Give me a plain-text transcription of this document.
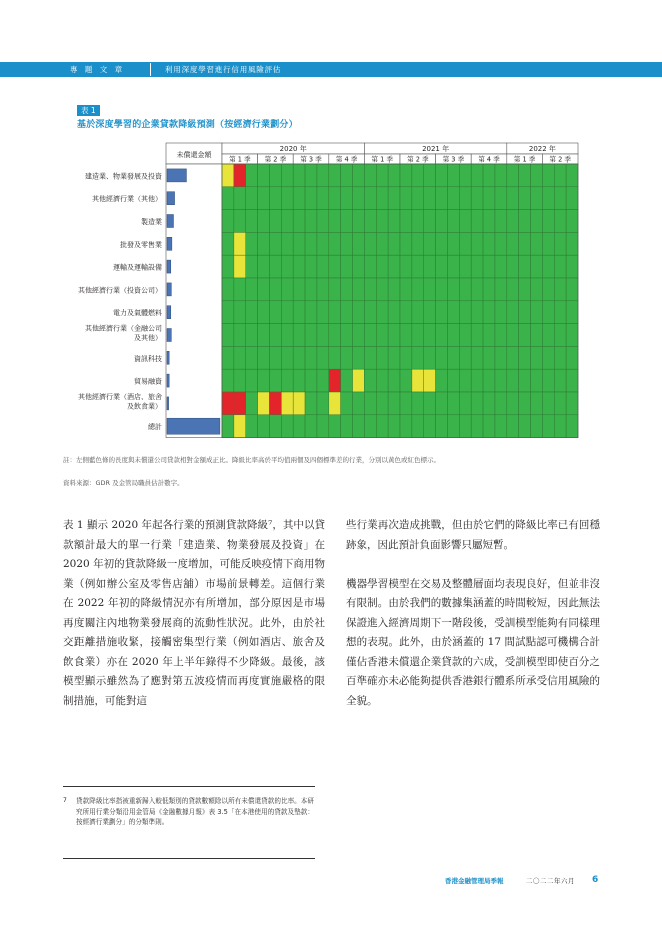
專 題 文 章	利用深度學習進行信用風險評估
表 1
基於深度學習的企業貸款降級預測（按經濟行業劃分）
未償還金額
2020 年
第 1 季 第 2 季 第 3 季 第 4 季
2021 年
第 1 季 第 2 季 第 3 季 第 4 季
2022 年
第 1 季 第 2 季
建造業、物業發展及投資
其他經濟行業（其他）
製造業
批發及零售業
運輸及運輸設備
其他經濟行業（投資公司）
電力及氣體燃料
其他經濟行業（金融公司
及其他）
資訊科技
貿易融資
其他經濟行業（酒店、旅舍
及飲食業）
總計
註：左側藍色條的長度與未償還公司貸款相對金額成正比。降級比率高於平均值兩個及四個標準差的行業，分別以黃色或紅色標示。
資料來源：GDR 及金管局職員估計數字。

表 1 顯示 2020 年起各行業的預測貸款降級⁷，其中以貸款額計最大的單一行業「建造業、物業發展及投資」在 2020 年初的貸款降級一度增加，可能反映疫情下商用物業（例如辦公室及零售店舖）市場前景轉差。這個行業在 2022 年初的降級情況亦有所增加，部分原因是市場再度關注內地物業發展商的流動性狀況。此外，由於社交距離措施收緊，接觸密集型行業（例如酒店、旅舍及飲食業）亦在 2020 年上半年錄得不少降級。最後，該模型顯示雖然為了應對第五波疫情而再度實施嚴格的限制措施，可能對這

些行業再次造成挑戰，但由於它們的降級比率已有回穩跡象，因此預計負面影響只屬短暫。

機器學習模型在交易及整體層面均表現良好，但並非沒有限制。由於我們的數據集涵蓋的時間較短，因此無法保證進入經濟周期下一階段後，受訓模型能夠有同樣理想的表現。此外，由於涵蓋的 17 間試點認可機構合計僅佔香港未償還企業貸款的六成，受訓模型即使百分之百準確亦未必能夠提供香港銀行體系所承受信用風險的全貌。

7 貸款降級比率指被重新歸入較低類別的貸款數額除以所有未償還貸款的比率。本研究所用行業分類沿用金管局《金融數據月報》表 3.5「在本港使用的貸款及墊款：按經濟行業劃分」的分類準則。
香港金融管理局季報	二〇二二年六月 6
